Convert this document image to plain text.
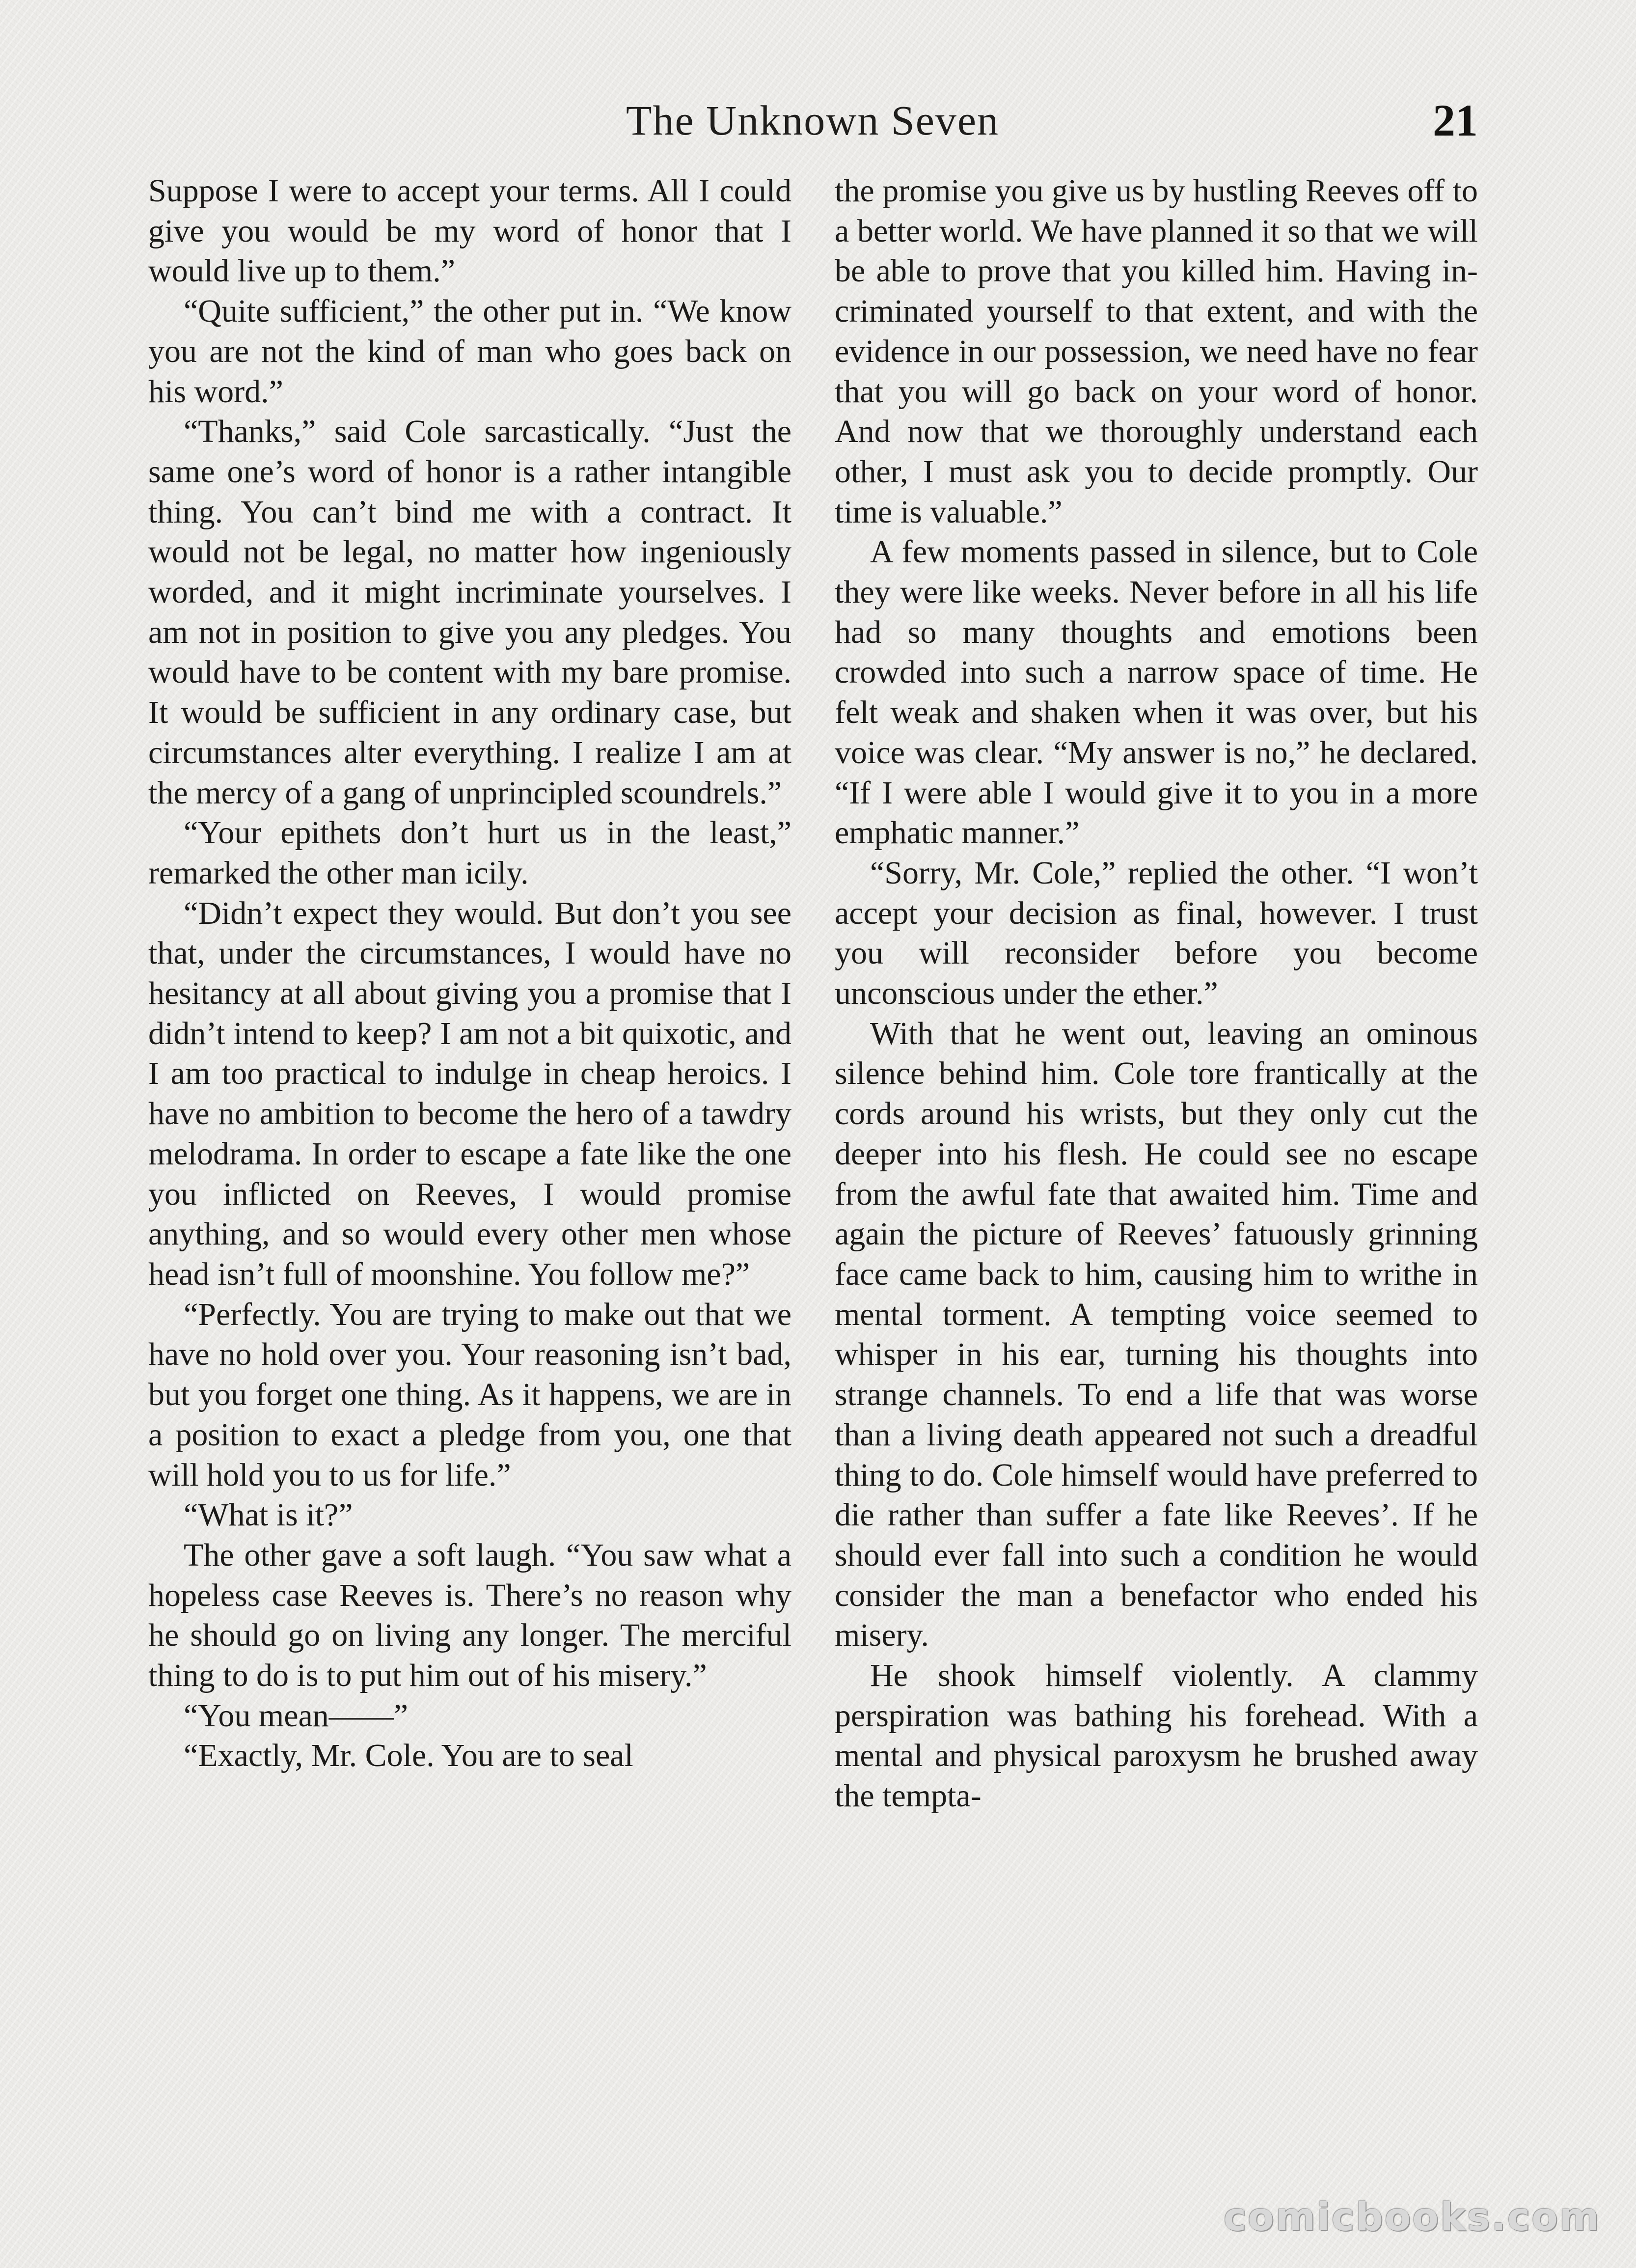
The Unknown Seven	21

Suppose I were to accept your terms. All I could give you would be my word of honor that I would live up to them.”

“Quite sufficient,” the other put in. “We know you are not the kind of man who goes back on his word.”

“Thanks,” said Cole sarcastically. “Just the same one’s word of honor is a rather intangible thing. You can’t bind me with a contract. It would not be legal, no matter how ingeniously worded, and it might incriminate yourselves. I am not in position to give you any pledges. You would have to be content with my bare promise. It would be sufficient in any ordinary case, but circumstances alter everything. I realize I am at the mercy of a gang of unprincipled scoundrels.”

“Your epithets don’t hurt us in the least,” remarked the other man icily.

“Didn’t expect they would. But don’t you see that, under the circumstances, I would have no hesitancy at all about giving you a promise that I didn’t intend to keep? I am not a bit quixotic, and I am too practical to indulge in cheap heroics. I have no ambition to become the hero of a tawdry melodrama. In order to escape a fate like the one you inflicted on Reeves, I would promise anything, and so would every other men whose head isn’t full of moonshine. You follow me?”

“Perfectly. You are trying to make out that we have no hold over you. Your reasoning isn’t bad, but you forget one thing. As it happens, we are in a position to exact a pledge from you, one that will hold you to us for life.”

“What is it?”

The other gave a soft laugh. “You saw what a hopeless case Reeves is. There’s no reason why he should go on living any longer. The merciful thing to do is to put him out of his misery.”

“You mean——”

“Exactly, Mr. Cole. You are to seal

the promise you give us by hustling Reeves off to a better world. We have planned it so that we will be able to prove that you killed him. Having incriminated yourself to that extent, and with the evidence in our possession, we need have no fear that you will go back on your word of honor. And now that we thoroughly understand each other, I must ask you to decide promptly. Our time is valuable.”

A few moments passed in silence, but to Cole they were like weeks. Never before in all his life had so many thoughts and emotions been crowded into such a narrow space of time. He felt weak and shaken when it was over, but his voice was clear. “My answer is no,” he declared. “If I were able I would give it to you in a more emphatic manner.”

“Sorry, Mr. Cole,” replied the other. “I won’t accept your decision as final, however. I trust you will reconsider before you become unconscious under the ether.”

With that he went out, leaving an ominous silence behind him. Cole tore frantically at the cords around his wrists, but they only cut the deeper into his flesh. He could see no escape from the awful fate that awaited him. Time and again the picture of Reeves’ fatuously grinning face came back to him, causing him to writhe in mental torment. A tempting voice seemed to whisper in his ear, turning his thoughts into strange channels. To end a life that was worse than a living death appeared not such a dreadful thing to do. Cole himself would have preferred to die rather than suffer a fate like Reeves’. If he should ever fall into such a condition he would consider the man a benefactor who ended his misery.

He shook himself violently. A clammy perspiration was bathing his forehead. With a mental and physical paroxysm he brushed away the tempta-

comicbooks.com
